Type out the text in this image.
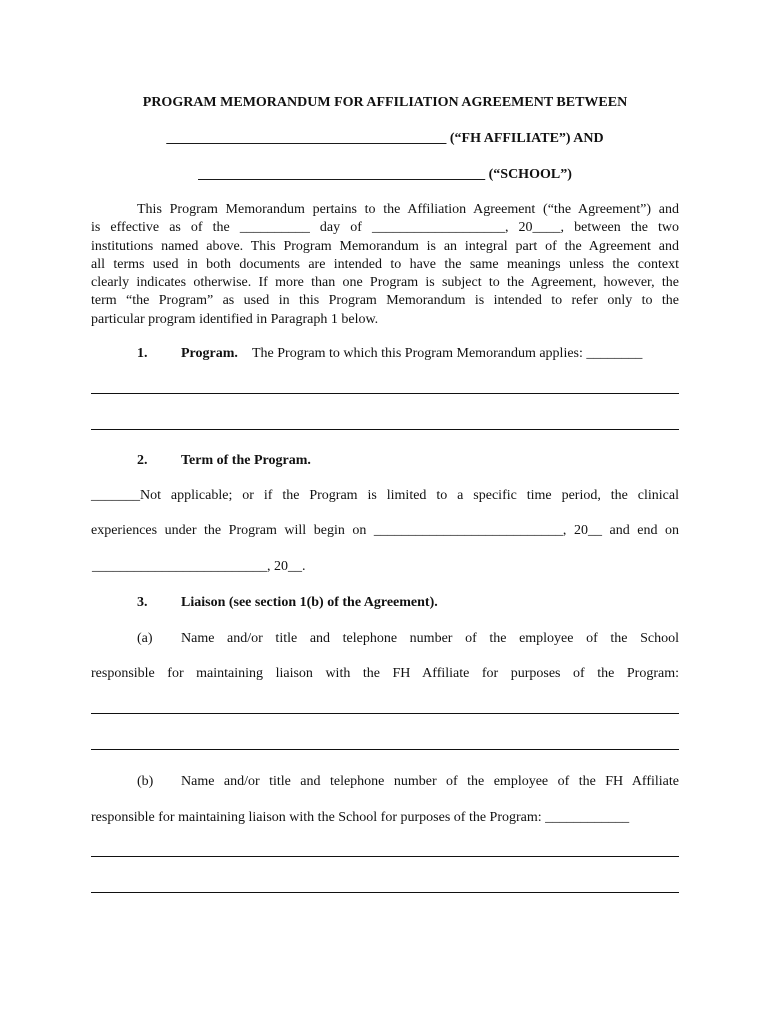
PROGRAM MEMORANDUM FOR AFFILIATION AGREEMENT BETWEEN
________________________________________ (“FH AFFILIATE”) AND
_________________________________________ (“SCHOOL”)
This Program Memorandum pertains to the Affiliation Agreement (“the Agreement”) and
is effective as of the __________ day of ___________________, 20____, between the two
institutions named above. This Program Memorandum is an integral part of the Agreement and
all terms used in both documents are intended to have the same meanings unless the context
clearly indicates otherwise. If more than one Program is subject to the Agreement, however, the
term “the Program” as used in this Program Memorandum is intended to refer only to the
particular program identified in Paragraph 1 below.
1. Program. The Program to which this Program Memorandum applies: ________
2. Term of the Program.
_______Not applicable; or if the Program is limited to a specific time period, the clinical
experiences under the Program will begin on ___________________________, 20__ and end on
_________________________, 20__.
3. Liaison (see section 1(b) of the Agreement).
(a) Name and/or title and telephone number of the employee of the School
responsible for maintaining liaison with the FH Affiliate for purposes of the Program:
(b) Name and/or title and telephone number of the employee of the FH Affiliate
responsible for maintaining liaison with the School for purposes of the Program: ____________
